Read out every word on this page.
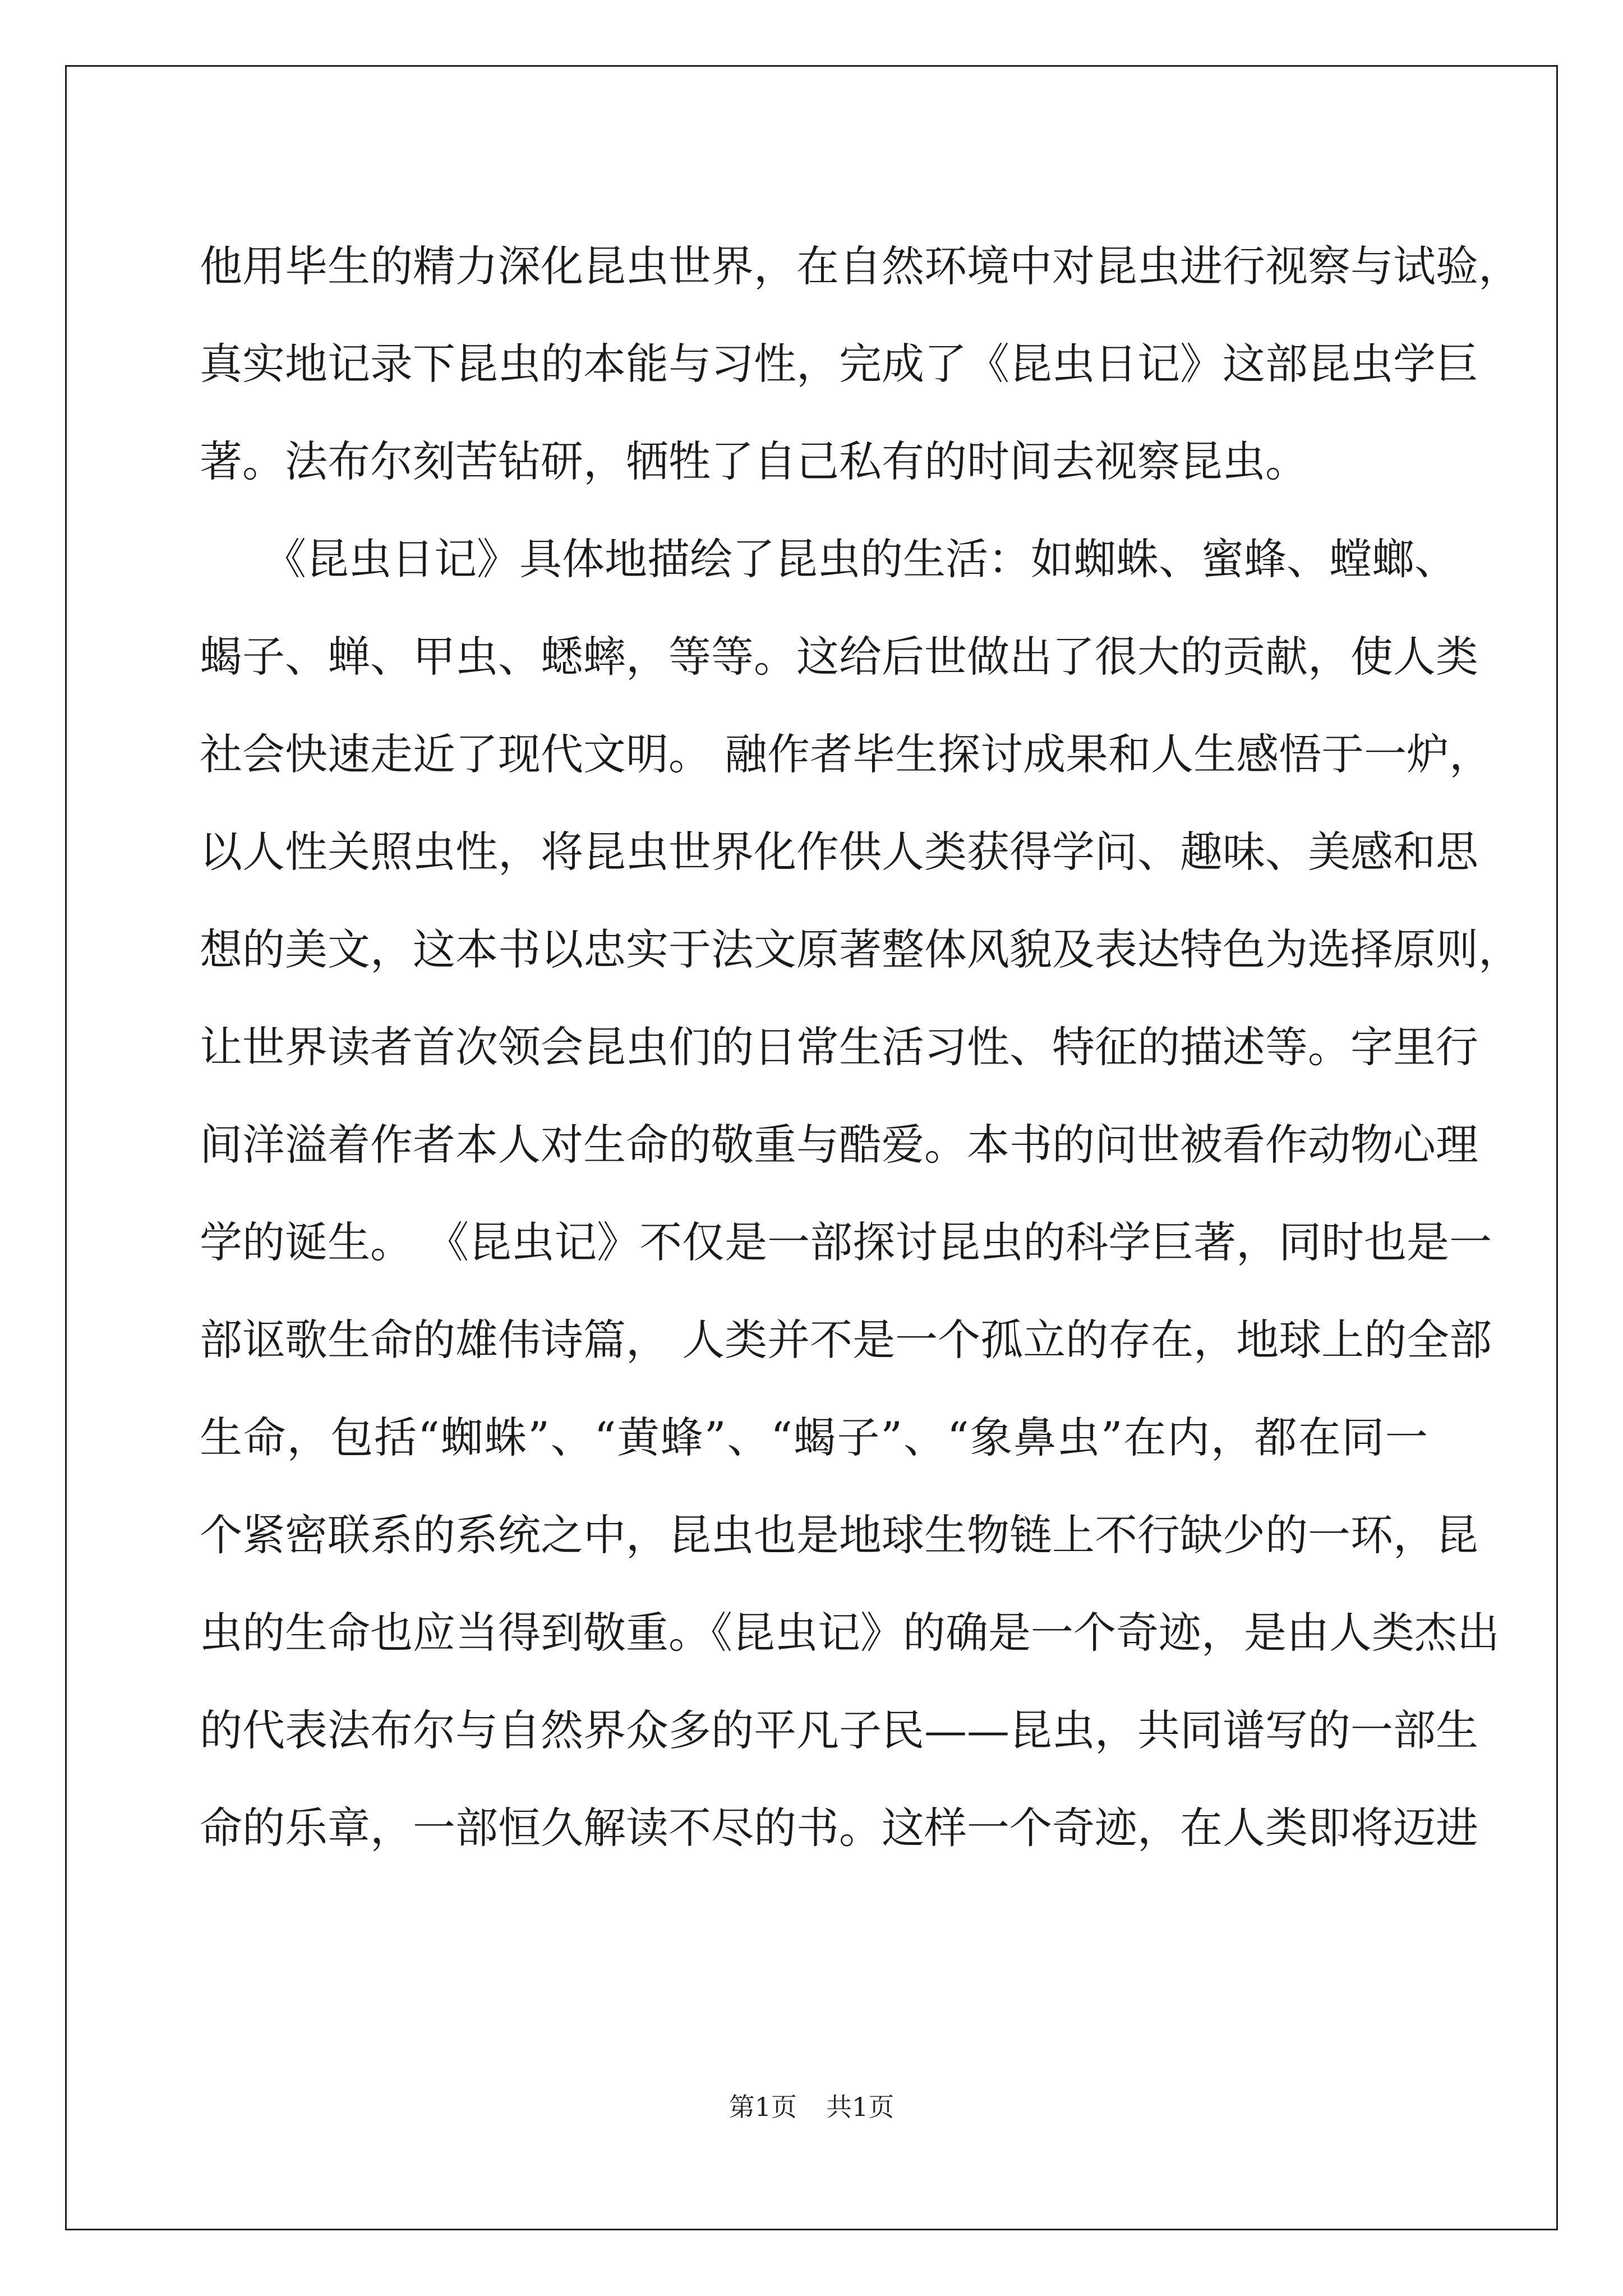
他用毕生的精力深化昆虫世界，在自然环境中对昆虫进行视察与试验，
真实地记录下昆虫的本能与习性，完成了《昆虫日记》这部昆虫学巨
著。法布尔刻苦钻研，牺牲了自己私有的时间去视察昆虫。
　　《昆虫日记》具体地描绘了昆虫的生活：如蜘蛛、蜜蜂、螳螂、
蝎子、蝉、甲虫、蟋蟀，等等。这给后世做出了很大的贡献，使人类
社会快速走近了现代文明。 融作者毕生探讨成果和人生感悟于一炉，
以人性关照虫性，将昆虫世界化作供人类获得学问、趣味、美感和思
想的美文，这本书以忠实于法文原著整体风貌及表达特色为选择原则，
让世界读者首次领会昆虫们的日常生活习性、特征的描述等。字里行
间洋溢着作者本人对生命的敬重与酷爱。本书的问世被看作动物心理
学的诞生。 《昆虫记》不仅是一部探讨昆虫的科学巨著，同时也是一
部讴歌生命的雄伟诗篇， 人类并不是一个孤立的存在，地球上的全部
生命，包括“蜘蛛”、“黄蜂”、“蝎子”、“象鼻虫”在内，都在同一
个紧密联系的系统之中，昆虫也是地球生物链上不行缺少的一环，昆
虫的生命也应当得到敬重。《昆虫记》的确是一个奇迹，是由人类杰出
的代表法布尔与自然界众多的平凡子民——昆虫，共同谱写的一部生
命的乐章，一部恒久解读不尽的书。这样一个奇迹，在人类即将迈进
第1页 共1页
